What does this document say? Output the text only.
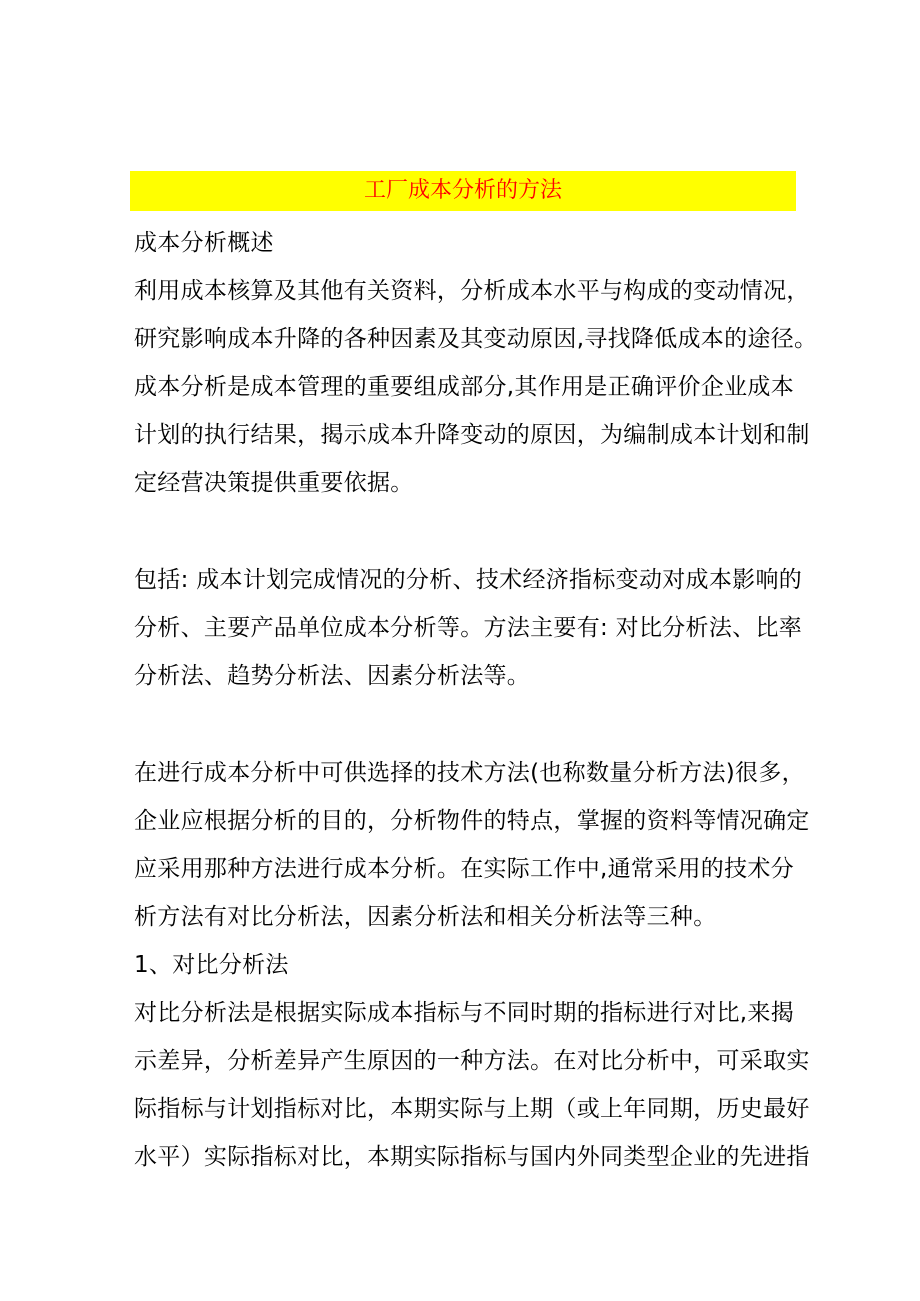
工厂成本分析的方法
成本分析概述
利用成本核算及其他有关资料，分析成本水平与构成的变动情况，
研究影响成本升降的各种因素及其变动原因,寻找降低成本的途径。
成本分析是成本管理的重要组成部分,其作用是正确评价企业成本
计划的执行结果，揭示成本升降变动的原因，为编制成本计划和制
定经营决策提供重要依据。
包括: 成本计划完成情况的分析、技术经济指标变动对成本影响的
分析、主要产品单位成本分析等。方法主要有: 对比分析法、比率
分析法、趋势分析法、因素分析法等。
在进行成本分析中可供选择的技术方法(也称数量分析方法)很多，
企业应根据分析的目的，分析物件的特点，掌握的资料等情况确定
应采用那种方法进行成本分析。在实际工作中,通常采用的技术分
析方法有对比分析法，因素分析法和相关分析法等三种。
1、对比分析法
对比分析法是根据实际成本指标与不同时期的指标进行对比,来揭
示差异，分析差异产生原因的一种方法。在对比分析中，可采取实
际指标与计划指标对比，本期实际与上期（或上年同期，历史最好
水平）实际指标对比，本期实际指标与国内外同类型企业的先进指
